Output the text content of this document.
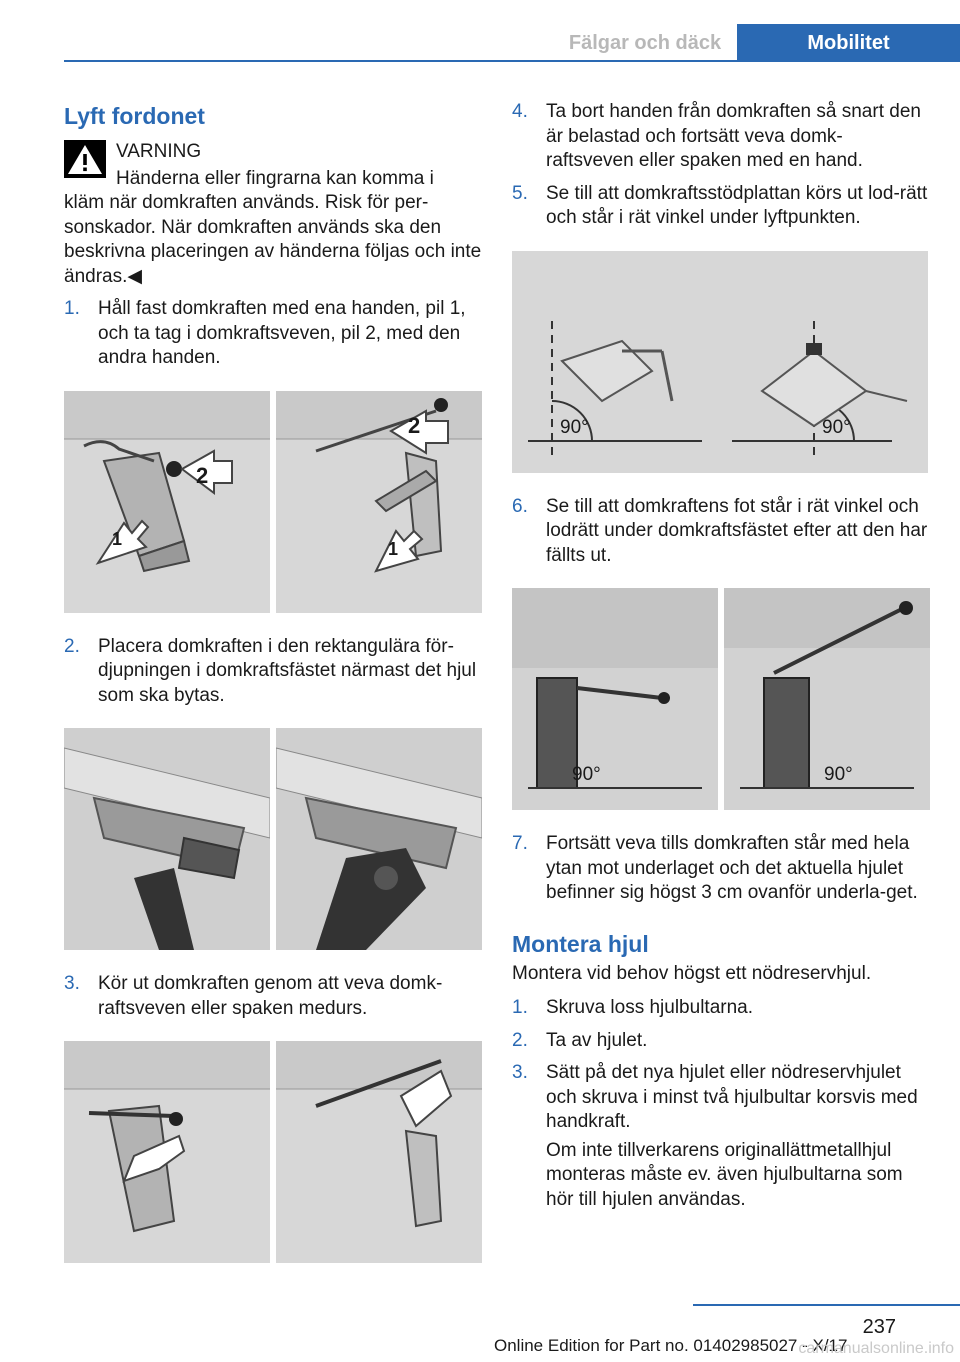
Fälgar och däck	Mobilitet
Lyft fordonet

VARNING

Händerna eller fingrarna kan komma i

kläm när domkraften används. Risk för per-sonskador. När domkraften används ska den beskrivna placeringen av händerna följas och inte ändras.◀

1. Håll fast domkraften med ena handen, pil 1, och ta tag i domkraftsveven, pil 2, med den andra handen.
2
1
2
1
2. Placera domkraften i den rektangulära för-djupningen i domkraftsfästet närmast det hjul som ska bytas.
3. Kör ut domkraften genom att veva domk-raftsveven eller spaken medurs.
4. Ta bort handen från domkraften så snart den är belastad och fortsätt veva domk-raftsveven eller spaken med en hand.
5. Se till att domkraftsstödplattan körs ut lod-rätt och står i rät vinkel under lyftpunkten.
90°	90°
6. Se till att domkraftens fot står i rät vinkel och lodrätt under domkraftsfästet efter att den har fällts ut.
90°	90°
7. Fortsätt veva tills domkraften står med hela ytan mot underlaget och det aktuella hjulet befinner sig högst 3 cm ovanför underla-get.
Montera hjul

Montera vid behov högst ett nödreservhjul.

1. Skruva loss hjulbultarna.
2. Ta av hjulet.
3. Sätt på det nya hjulet eller nödreservhjulet och skruva i minst två hjulbultar korsvis med handkraft.

Om inte tillverkarens originallättmetallhjul monteras måste ev. även hjulbultarna som hör till hjulen användas.

237
Online Edition for Part no. 01402985027 - X/17
carmanualsonline.info
